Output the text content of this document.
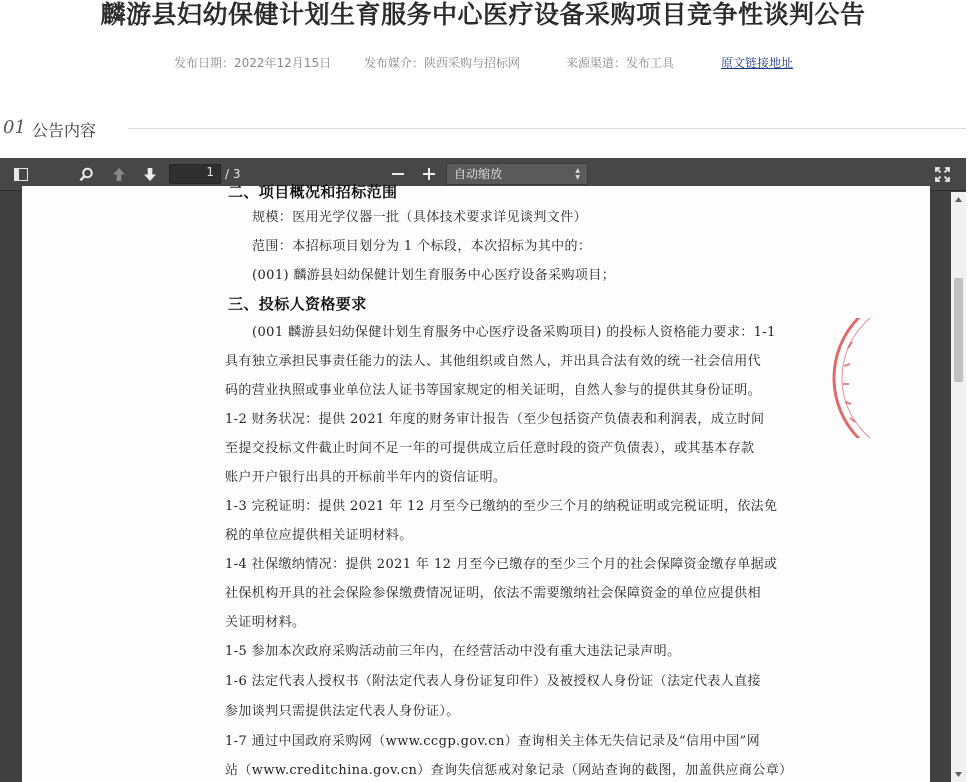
麟游县妇幼保健计划生育服务中心医疗设备采购项目竞争性谈判公告
发布日期：2022年12月15日	发布媒介：陕西采购与招标网	来源渠道：发布工具	原文链接地址
01 公告内容
1 / 3	自动缩放	▲
▼
二、项目概况和招标范围
规模：医用光学仪器一批（具体技术要求详见谈判文件）
范围：本招标项目划分为 1 个标段，本次招标为其中的：
(001) 麟游县妇幼保健计划生育服务中心医疗设备采购项目；
三、投标人资格要求
(001 麟游县妇幼保健计划生育服务中心医疗设备采购项目) 的投标人资格能力要求：1-1
具有独立承担民事责任能力的法人、其他组织或自然人，并出具合法有效的统一社会信用代
码的营业执照或事业单位法人证书等国家规定的相关证明，自然人参与的提供其身份证明。
1-2 财务状况：提供 2021 年度的财务审计报告（至少包括资产负债表和利润表，成立时间
至提交投标文件截止时间不足一年的可提供成立后任意时段的资产负债表），或其基本存款
账户开户银行出具的开标前半年内的资信证明。
1-3 完税证明：提供 2021 年 12 月至今已缴纳的至少三个月的纳税证明或完税证明，依法免
税的单位应提供相关证明材料。
1-4 社保缴纳情况：提供 2021 年 12 月至今已缴存的至少三个月的社会保障资金缴存单据或
社保机构开具的社会保险参保缴费情况证明，依法不需要缴纳社会保障资金的单位应提供相
关证明材料。
1-5 参加本次政府采购活动前三年内，在经营活动中没有重大违法记录声明。
1-6 法定代表人授权书（附法定代表人身份证复印件）及被授权人身份证（法定代表人直接
参加谈判只需提供法定代表人身份证）。
1-7 通过中国政府采购网（www.ccgp.gov.cn）查询相关主体无失信记录及“信用中国”网
站（www.creditchina.gov.cn）查询失信惩戒对象记录（网站查询的截图，加盖供应商公章）
